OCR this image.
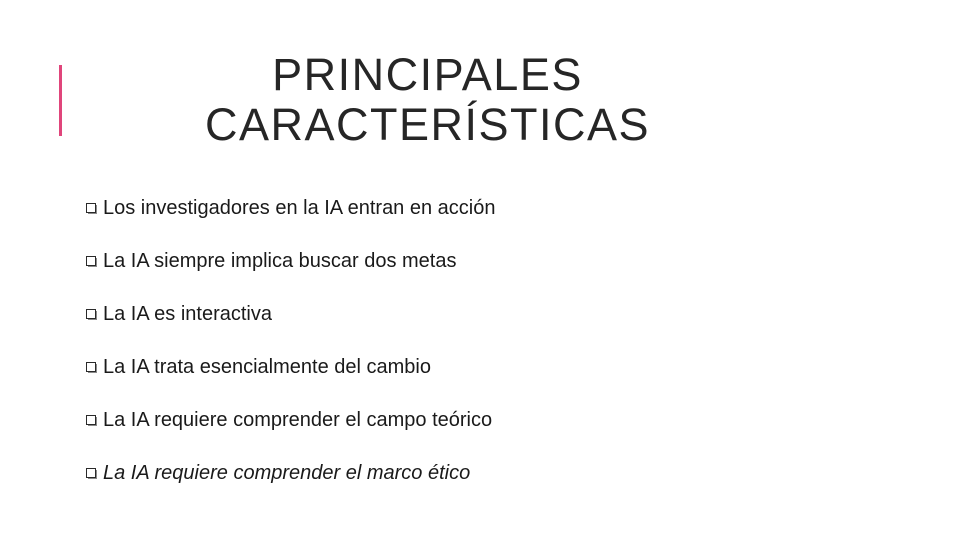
PRINCIPALES
CARACTERÍSTICAS
Los investigadores en la IA entran en acción
La IA siempre implica buscar dos metas
La IA es interactiva
La IA trata esencialmente del cambio
La IA requiere comprender el campo teórico
La IA requiere comprender el marco ético
